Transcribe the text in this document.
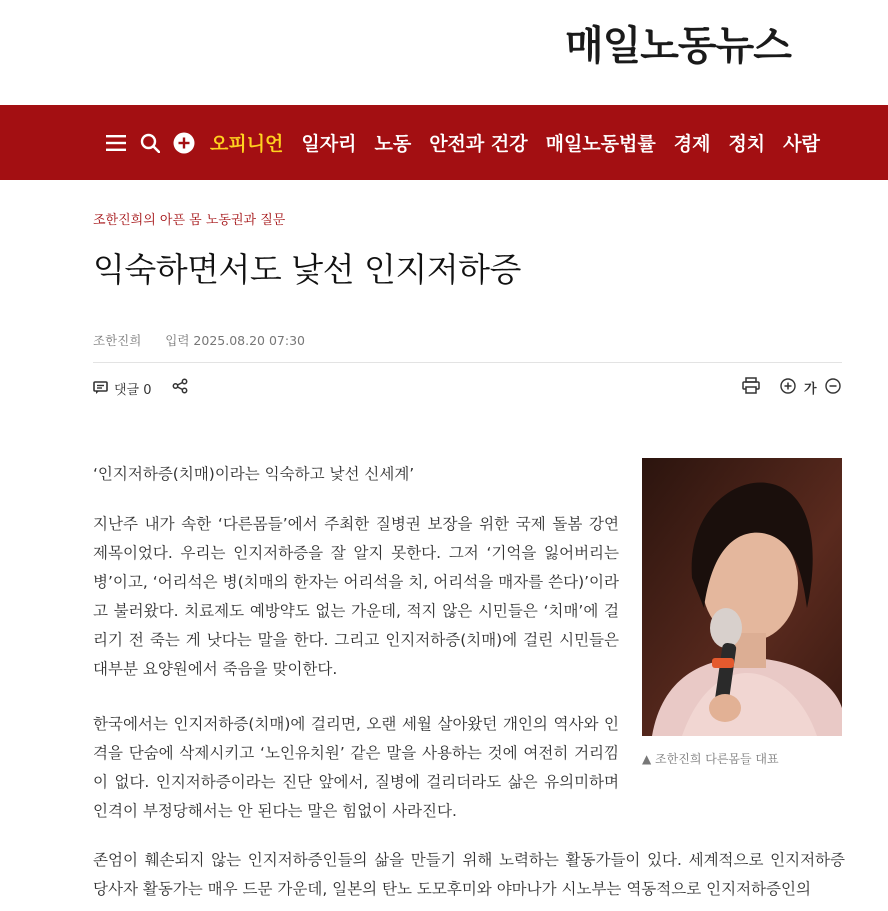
매일노동뉴스
오피니언 일자리 노동 안전과 건강 매일노동법률 경제 정치 사람
조한진희의 아픈 몸 노동권과 질문
익숙하면서도 낯선 인지저하증
조한진희 입력 2025.08.20 07:30
댓글 0	가
‘인지저하증(치매)이라는 익숙하고 낯선 신세계’

지난주 내가 속한 ‘다른몸들’에서 주최한 질병권 보장을 위한 국제 돌봄 강연 제목이었다. 우리는 인지저하증을 잘 알지 못한다. 그저 ‘기억을 잃어버리는 병’이고, ‘어리석은 병(치매의 한자는 어리석을 치, 어리석을 매자를 쓴다)’이라고 불러왔다. 치료제도 예방약도 없는 가운데, 적지 않은 시민들은 ‘치매’에 걸리기 전 죽는 게 낫다는 말을 한다. 그리고 인지저하증(치매)에 걸린 시민들은 대부분 요양원에서 죽음을 맞이한다.

한국에서는 인지저하증(치매)에 걸리면, 오랜 세월 살아왔던 개인의 역사와 인격을 단숨에 삭제시키고 ‘노인유치원’ 같은 말을 사용하는 것에 여전히 거리낌이 없다. 인지저하증이라는 진단 앞에서, 질병에 걸리더라도 삶은 유의미하며 인격이 부정당해서는 안 된다는 말은 힘없이 사라진다.

존엄이 훼손되지 않는 인지저하증인들의 삶을 만들기 위해 노력하는 활동가들이 있다. 세계적으로 인지저하증 당사자 활동가는 매우 드문 가운데, 일본의 탄노 도모후미와 야마나가 시노부는 역동적으로 인지저하증인의

▲ 조한진희 다른몸들 대표
